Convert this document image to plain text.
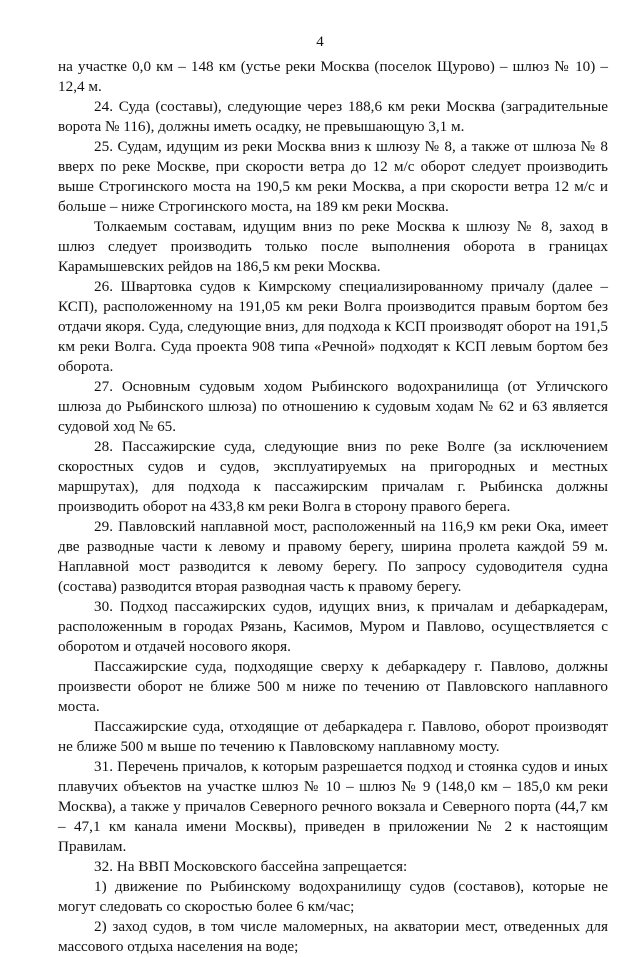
4

на участке 0,0 км – 148 км (устье реки Москва (поселок Щурово) – шлюз № 10) – 12,4 м.

24. Суда (составы), следующие через 188,6 км реки Москва (заградительные ворота № 116), должны иметь осадку, не превышающую 3,1 м.

25. Судам, идущим из реки Москва вниз к шлюзу № 8, а также от шлюза № 8 вверх по реке Москве, при скорости ветра до 12 м/с оборот следует производить выше Строгинского моста на 190,5 км реки Москва, а при скорости ветра 12 м/с и больше – ниже Строгинского моста, на 189 км реки Москва.

Толкаемым составам, идущим вниз по реке Москва к шлюзу № 8, заход в шлюз следует производить только после выполнения оборота в границах Карамышевских рейдов на 186,5 км реки Москва.

26. Швартовка судов к Кимрскому специализированному причалу (далее – КСП), расположенному на 191,05 км реки Волга производится правым бортом без отдачи якоря. Суда, следующие вниз, для подхода к КСП производят оборот на 191,5 км реки Волга. Суда проекта 908 типа «Речной» подходят к КСП левым бортом без оборота.

27. Основным судовым ходом Рыбинского водохранилища (от Угличского шлюза до Рыбинского шлюза) по отношению к судовым ходам № 62 и 63 является судовой ход № 65.

28. Пассажирские суда, следующие вниз по реке Волге (за исключением скоростных судов и судов, эксплуатируемых на пригородных и местных маршрутах), для подхода к пассажирским причалам г. Рыбинска должны производить оборот на 433,8 км реки Волга в сторону правого берега.

29. Павловский наплавной мост, расположенный на 116,9 км реки Ока, имеет две разводные части к левому и правому берегу, ширина пролета каждой 59 м. Наплавной мост разводится к левому берегу. По запросу судоводителя судна (состава) разводится вторая разводная часть к правому берегу.

30. Подход пассажирских судов, идущих вниз, к причалам и дебаркадерам, расположенным в городах Рязань, Касимов, Муром и Павлово, осуществляется с оборотом и отдачей носового якоря.

Пассажирские суда, подходящие сверху к дебаркадеру г. Павлово, должны произвести оборот не ближе 500 м ниже по течению от Павловского наплавного моста.

Пассажирские суда, отходящие от дебаркадера г. Павлово, оборот производят не ближе 500 м выше по течению к Павловскому наплавному мосту.

31. Перечень причалов, к которым разрешается подход и стоянка судов и иных плавучих объектов на участке шлюз № 10 – шлюз № 9 (148,0 км – 185,0 км реки Москва), а также у причалов Северного речного вокзала и Северного порта (44,7 км – 47,1 км канала имени Москвы), приведен в приложении № 2 к настоящим Правилам.

32. На ВВП Московского бассейна запрещается:

1) движение по Рыбинскому водохранилищу судов (составов), которые не могут следовать со скоростью более 6 км/час;

2) заход судов, в том числе маломерных, на акватории мест, отведенных для массового отдыха населения на воде;
